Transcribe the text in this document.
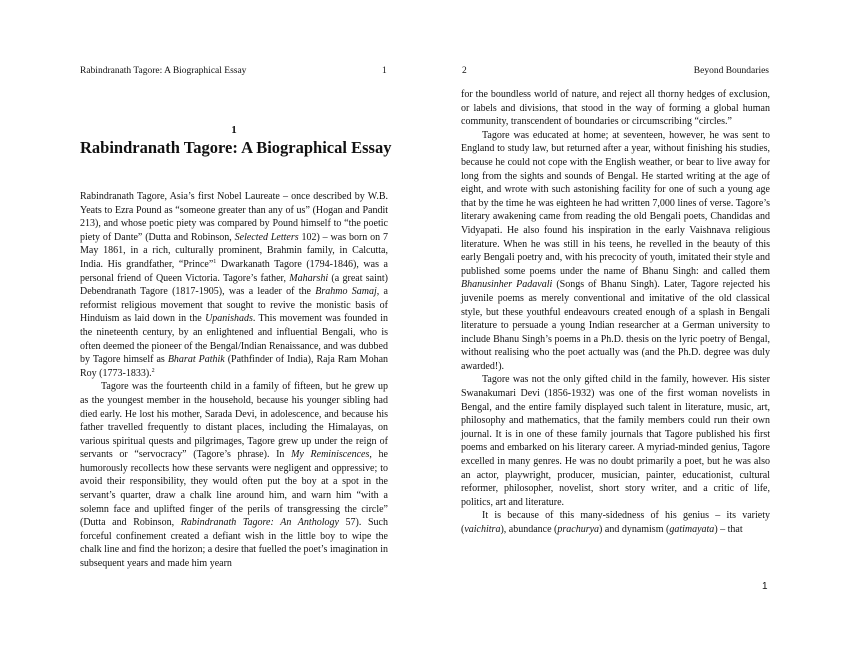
Rabindranath Tagore: A Biographical Essay	1
1
Rabindranath Tagore: A Biographical Essay

Rabindranath Tagore, Asia’s first Nobel Laureate – once described by W.B. Yeats to Ezra Pound as “someone greater than any of us” (Hogan and Pandit 213), and whose poetic piety was compared by Pound himself to “the poetic piety of Dante” (Dutta and Robinson, Selected Letters 102) – was born on 7 May 1861, in a rich, culturally prominent, Brahmin family, in Calcutta, India. His grandfather, “Prince”$^1$ Dwarkanath Tagore (1794-1846), was a personal friend of Queen Victoria. Tagore’s father, Maharshi (a great saint) Debendranath Tagore (1817-1905), was a leader of the Brahmo Samaj, a reformist religious movement that sought to revive the monistic basis of Hinduism as laid down in the Upanishads. This movement was founded in the nineteenth century, by an enlightened and influential Bengali, who is often deemed the pioneer of the Bengal/Indian Renaissance, and was dubbed by Tagore himself as Bharat Pathik (Pathfinder of India), Raja Ram Mohan Roy (1773-1833).$^2$

Tagore was the fourteenth child in a family of fifteen, but he grew up as the youngest member in the household, because his younger sibling had died early. He lost his mother, Sarada Devi, in adolescence, and because his father travelled frequently to distant places, including the Himalayas, on various spiritual quests and pilgrimages, Tagore grew up under the reign of servants or “servocracy” (Tagore’s phrase). In My Reminiscences, he humorously recollects how these servants were negligent and oppressive; to avoid their responsibility, they would often put the boy at a spot in the servant’s quarter, draw a chalk line around him, and warn him “with a solemn face and uplifted finger of the perils of transgressing the circle” (Dutta and Robinson, Rabindranath Tagore: An Anthology 57). Such forceful confinement created a defiant wish in the little boy to wipe the chalk line and find the horizon; a desire that fuelled the poet’s imagination in subsequent years and made him yearn

2	Beyond Boundaries

for the boundless world of nature, and reject all thorny hedges of exclusion, or labels and divisions, that stood in the way of forming a global human community, transcendent of boundaries or circumscribing “circles.”

Tagore was educated at home; at seventeen, however, he was sent to England to study law, but returned after a year, without finishing his studies, because he could not cope with the English weather, or bear to live away for long from the sights and sounds of Bengal. He started writing at the age of eight, and wrote with such astonishing facility for one of such a young age that by the time he was eighteen he had written 7,000 lines of verse. Tagore’s literary awakening came from reading the old Bengali poets, Chandidas and Vidyapati. He also found his inspiration in the early Vaishnava religious literature. When he was still in his teens, he revelled in the beauty of this early Bengali poetry and, with his precocity of youth, imitated their style and published some poems under the name of Bhanu Singh: and called them Bhanusinher Padavali (Songs of Bhanu Singh). Later, Tagore rejected his juvenile poems as merely conventional and imitative of the old classical style, but these youthful endeavours created enough of a splash in Bengali literature to persuade a young Indian researcher at a German university to include Bhanu Singh’s poems in a Ph.D. thesis on the lyric poetry of Bengal, without realising who the poet actually was (and the Ph.D. degree was duly awarded!).

Tagore was not the only gifted child in the family, however. His sister Swanakumari Devi (1856-1932) was one of the first woman novelists in Bengal, and the entire family displayed such talent in literature, music, art, philosophy and mathematics, that the family members could run their own journal. It is in one of these family journals that Tagore published his first poems and embarked on his literary career. A myriad-minded genius, Tagore excelled in many genres. He was no doubt primarily a poet, but he was also an actor, playwright, producer, musician, painter, educationist, cultural reformer, philosopher, novelist, short story writer, and a critic of life, politics, art and literature.

It is because of this many-sidedness of his genius – its variety (vaichitra), abundance (prachurya) and dynamism (gatimayata) – that

1
